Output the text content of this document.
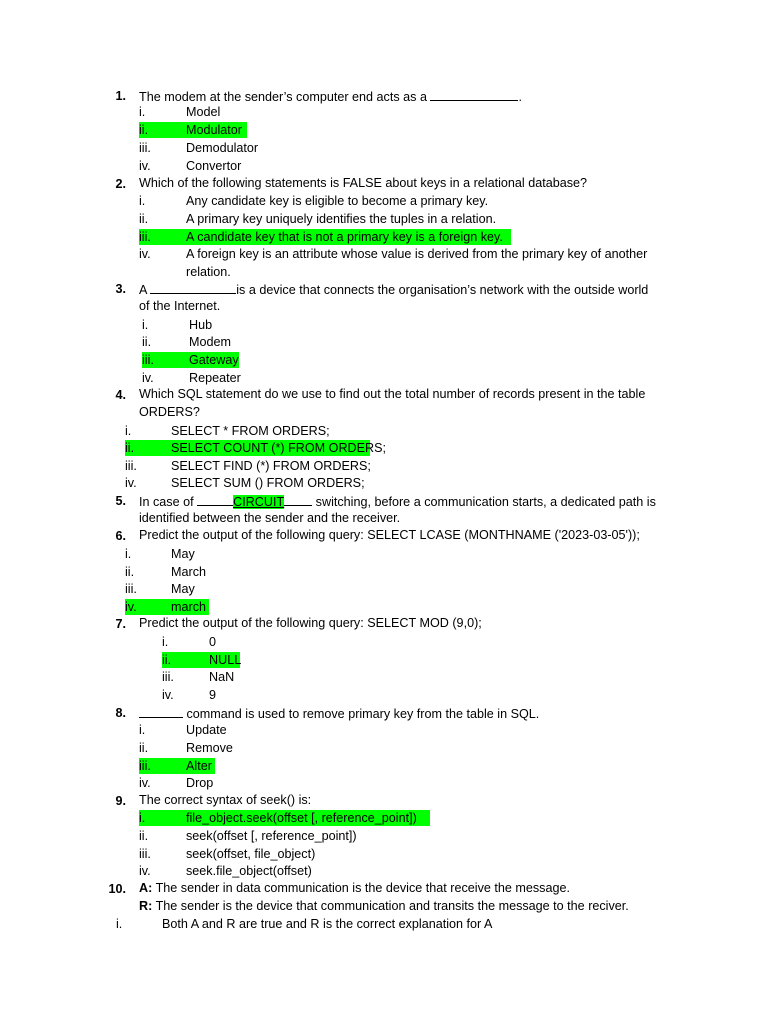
1. The modem at the sender’s computer end acts as a	.
i.	Model
ii.	Modulator
iii.	Demodulator
iv.	Convertor
2. Which of the following statements is FALSE about keys in a relational database?
i.	Any candidate key is eligible to become a primary key.
ii.	A primary key uniquely identifies the tuples in a relation.
iii.	A candidate key that is not a primary key is a foreign key.
iv.	A foreign key is an attribute whose value is derived from the primary key of another
relation.
3. A	is a device that connects the organisation’s network with the outside world
of the Internet.
i.	Hub
ii.	Modem
iii.	Gateway
iv.	Repeater
4. Which SQL statement do we use to find out the total number of records present in the table
ORDERS?
i.	SELECT * FROM ORDERS;
ii.	SELECT COUNT (*) FROM ORDERS;
iii.	SELECT FIND (*) FROM ORDERS;
iv.	SELECT SUM () FROM ORDERS;
5. In case of	CIRCUIT switching, before a communication starts, a dedicated path is
identified between the sender and the receiver.
6. Predict the output of the following query: SELECT LCASE (MONTHNAME ('2023-03-05'));
i.	May
ii.	March
iii.	May
iv.	march
7. Predict the output of the following query: SELECT MOD (9,0);
i.	0
ii.	NULL
iii.	NaN
iv.	9
8.	command is used to remove primary key from the table in SQL.
i.	Update
ii.	Remove
iii.	Alter
iv.	Drop
9. The correct syntax of seek() is:
i.	file_object.seek(offset [, reference_point])
ii.	seek(offset [, reference_point])
iii.	seek(offset, file_object)
iv.	seek.file_object(offset)
10. A: The sender in data communication is the device that receive the message.
R: The sender is the device that communication and transits the message to the reciver.
i.	Both A and R are true and R is the correct explanation for A
